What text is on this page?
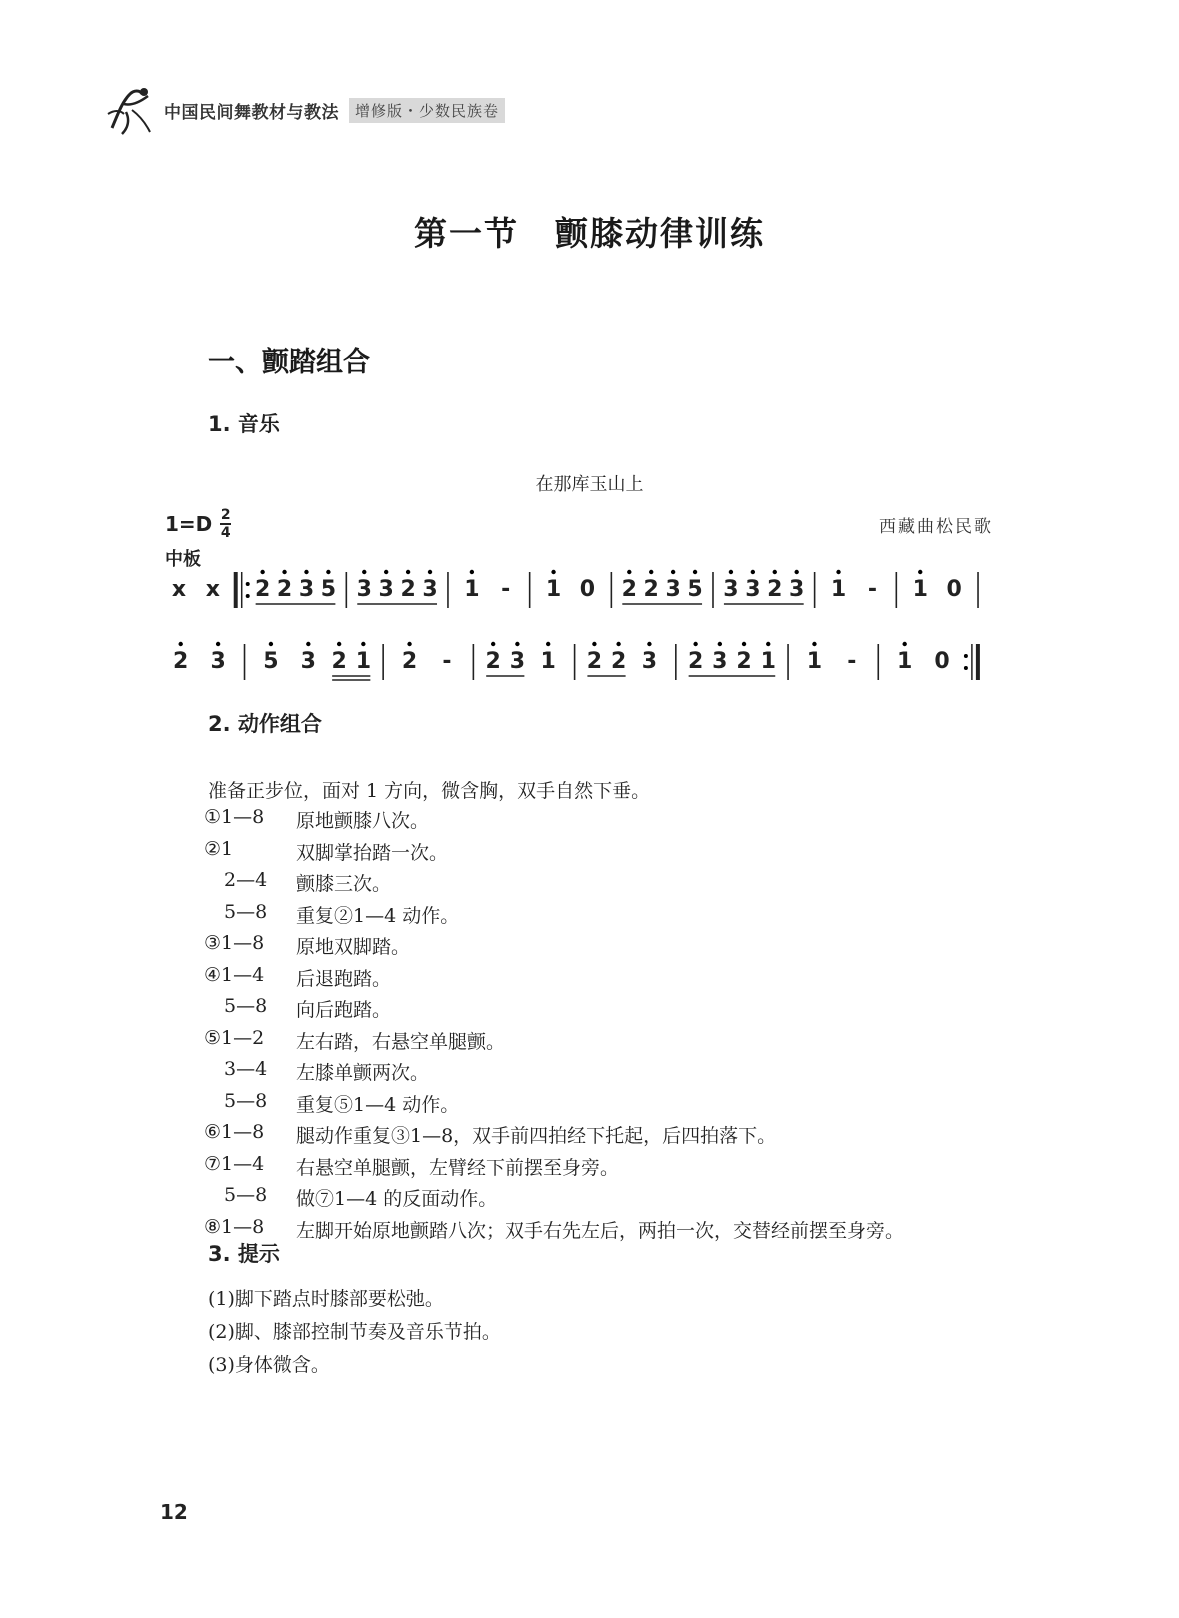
中国民间舞教材与教法	增修版・少数民族卷
第一节 颤膝动律训练
一、颤踏组合
1. 音乐
在那库玉山上
$1=D \frac{2}{4}$	西藏曲松民歌
中板
x x 2 2 3 5 3 3 2 3 1 - 1 0 2 2 3 5 3 3 2 3 1 - 1 0
2 3 5 3 2 1 2 - 2 3 1 2 2 3 2 3 2 1 1 - 1 0
2. 动作组合
准备正步位，面对 1 方向，微含胸，双手自然下垂。
①1—8 原地颤膝八次。
②1	双脚掌抬踏一次。
2—4 颤膝三次。
5—8 重复②1—4 动作。
③1—8 原地双脚踏。
④1—4 后退跑踏。
5—8 向后跑踏。
⑤1—2 左右踏，右悬空单腿颤。
3—4 左膝单颤两次。
5—8 重复⑤1—4 动作。
⑥1—8 腿动作重复③1—8，双手前四拍经下托起，后四拍落下。
⑦1—4 右悬空单腿颤，左臂经下前摆至身旁。
5—8 做⑦1—4 的反面动作。
⑧1—8 左脚开始原地颤踏八次；双手右先左后，两拍一次，交替经前摆至身旁。
3. 提示
(1)脚下踏点时膝部要松弛。
(2)脚、膝部控制节奏及音乐节拍。
(3)身体微含。
12
